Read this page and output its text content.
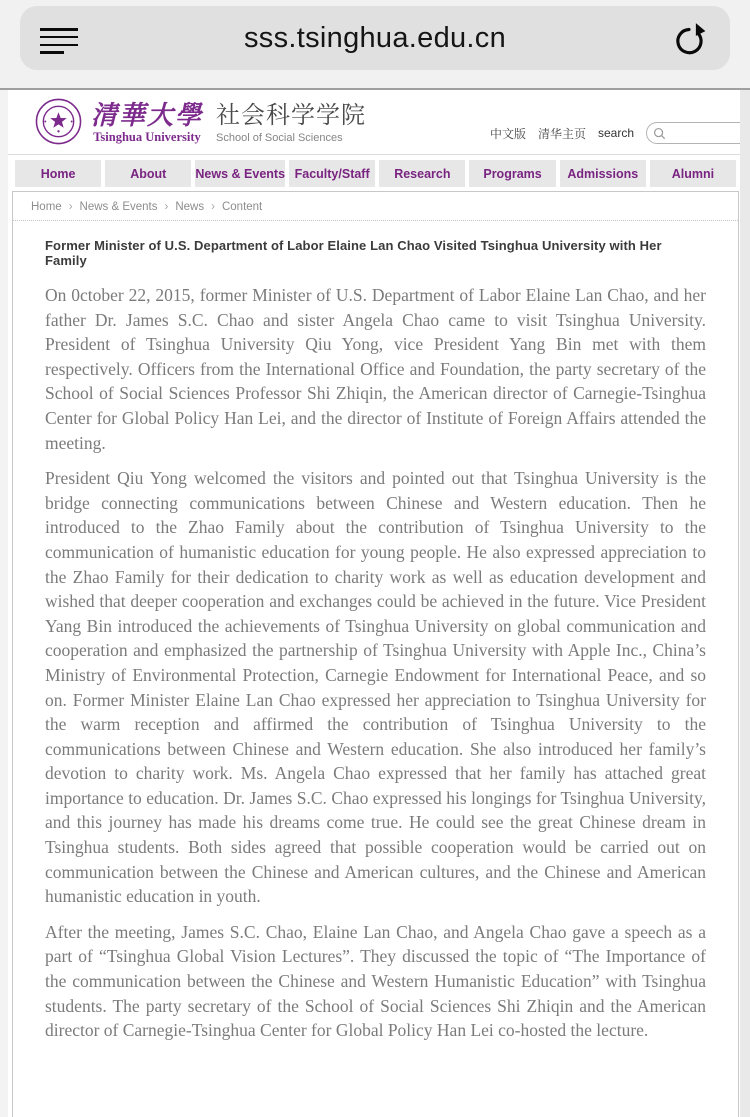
sss.tsinghua.edu.cn
清華大學
Tsinghua University
社会科学学院
School of Social Sciences	中文版 清华主页 search
Home	About	News & Events Faculty/Staff	Research	Programs	Admissions	Alumni
Home › News & Events › News › Content
Former Minister of U.S. Department of Labor Elaine Lan Chao Visited Tsinghua University with Her Family

On 0ctober 22, 2015, former Minister of U.S. Department of Labor Elaine Lan Chao, and her father Dr. James S.C. Chao and sister Angela Chao came to visit Tsinghua University. President of Tsinghua University Qiu Yong, vice President Yang Bin met with them respectively. Officers from the International Office and Foundation, the party secretary of the School of Social Sciences Professor Shi Zhiqin, the American director of Carnegie-Tsinghua Center for Global Policy Han Lei, and the director of Institute of Foreign Affairs attended the meeting.

President Qiu Yong welcomed the visitors and pointed out that Tsinghua University is the bridge connecting communications between Chinese and Western education. Then he introduced to the Zhao Family about the contribution of Tsinghua University to the communication of humanistic education for young people. He also expressed appreciation to the Zhao Family for their dedication to charity work as well as education development and wished that deeper cooperation and exchanges could be achieved in the future. Vice President Yang Bin introduced the achievements of Tsinghua University on global communication and cooperation and emphasized the partnership of Tsinghua University with Apple Inc., China’s Ministry of Environmental Protection, Carnegie Endowment for International Peace, and so on. Former Minister Elaine Lan Chao expressed her appreciation to Tsinghua University for the warm reception and affirmed the contribution of Tsinghua University to the communications between Chinese and Western education. She also introduced her family’s devotion to charity work. Ms. Angela Chao expressed that her family has attached great importance to education. Dr. James S.C. Chao expressed his longings for Tsinghua University, and this journey has made his dreams come true. He could see the great Chinese dream in Tsinghua students. Both sides agreed that possible cooperation would be carried out on communication between the Chinese and American cultures, and the Chinese and American humanistic education in youth.

After the meeting, James S.C. Chao, Elaine Lan Chao, and Angela Chao gave a speech as a part of “Tsinghua Global Vision Lectures”. They discussed the topic of “The Importance of the communication between the Chinese and Western Humanistic Education” with Tsinghua students. The party secretary of the School of Social Sciences Shi Zhiqin and the American director of Carnegie-Tsinghua Center for Global Policy Han Lei co-hosted the lecture.
